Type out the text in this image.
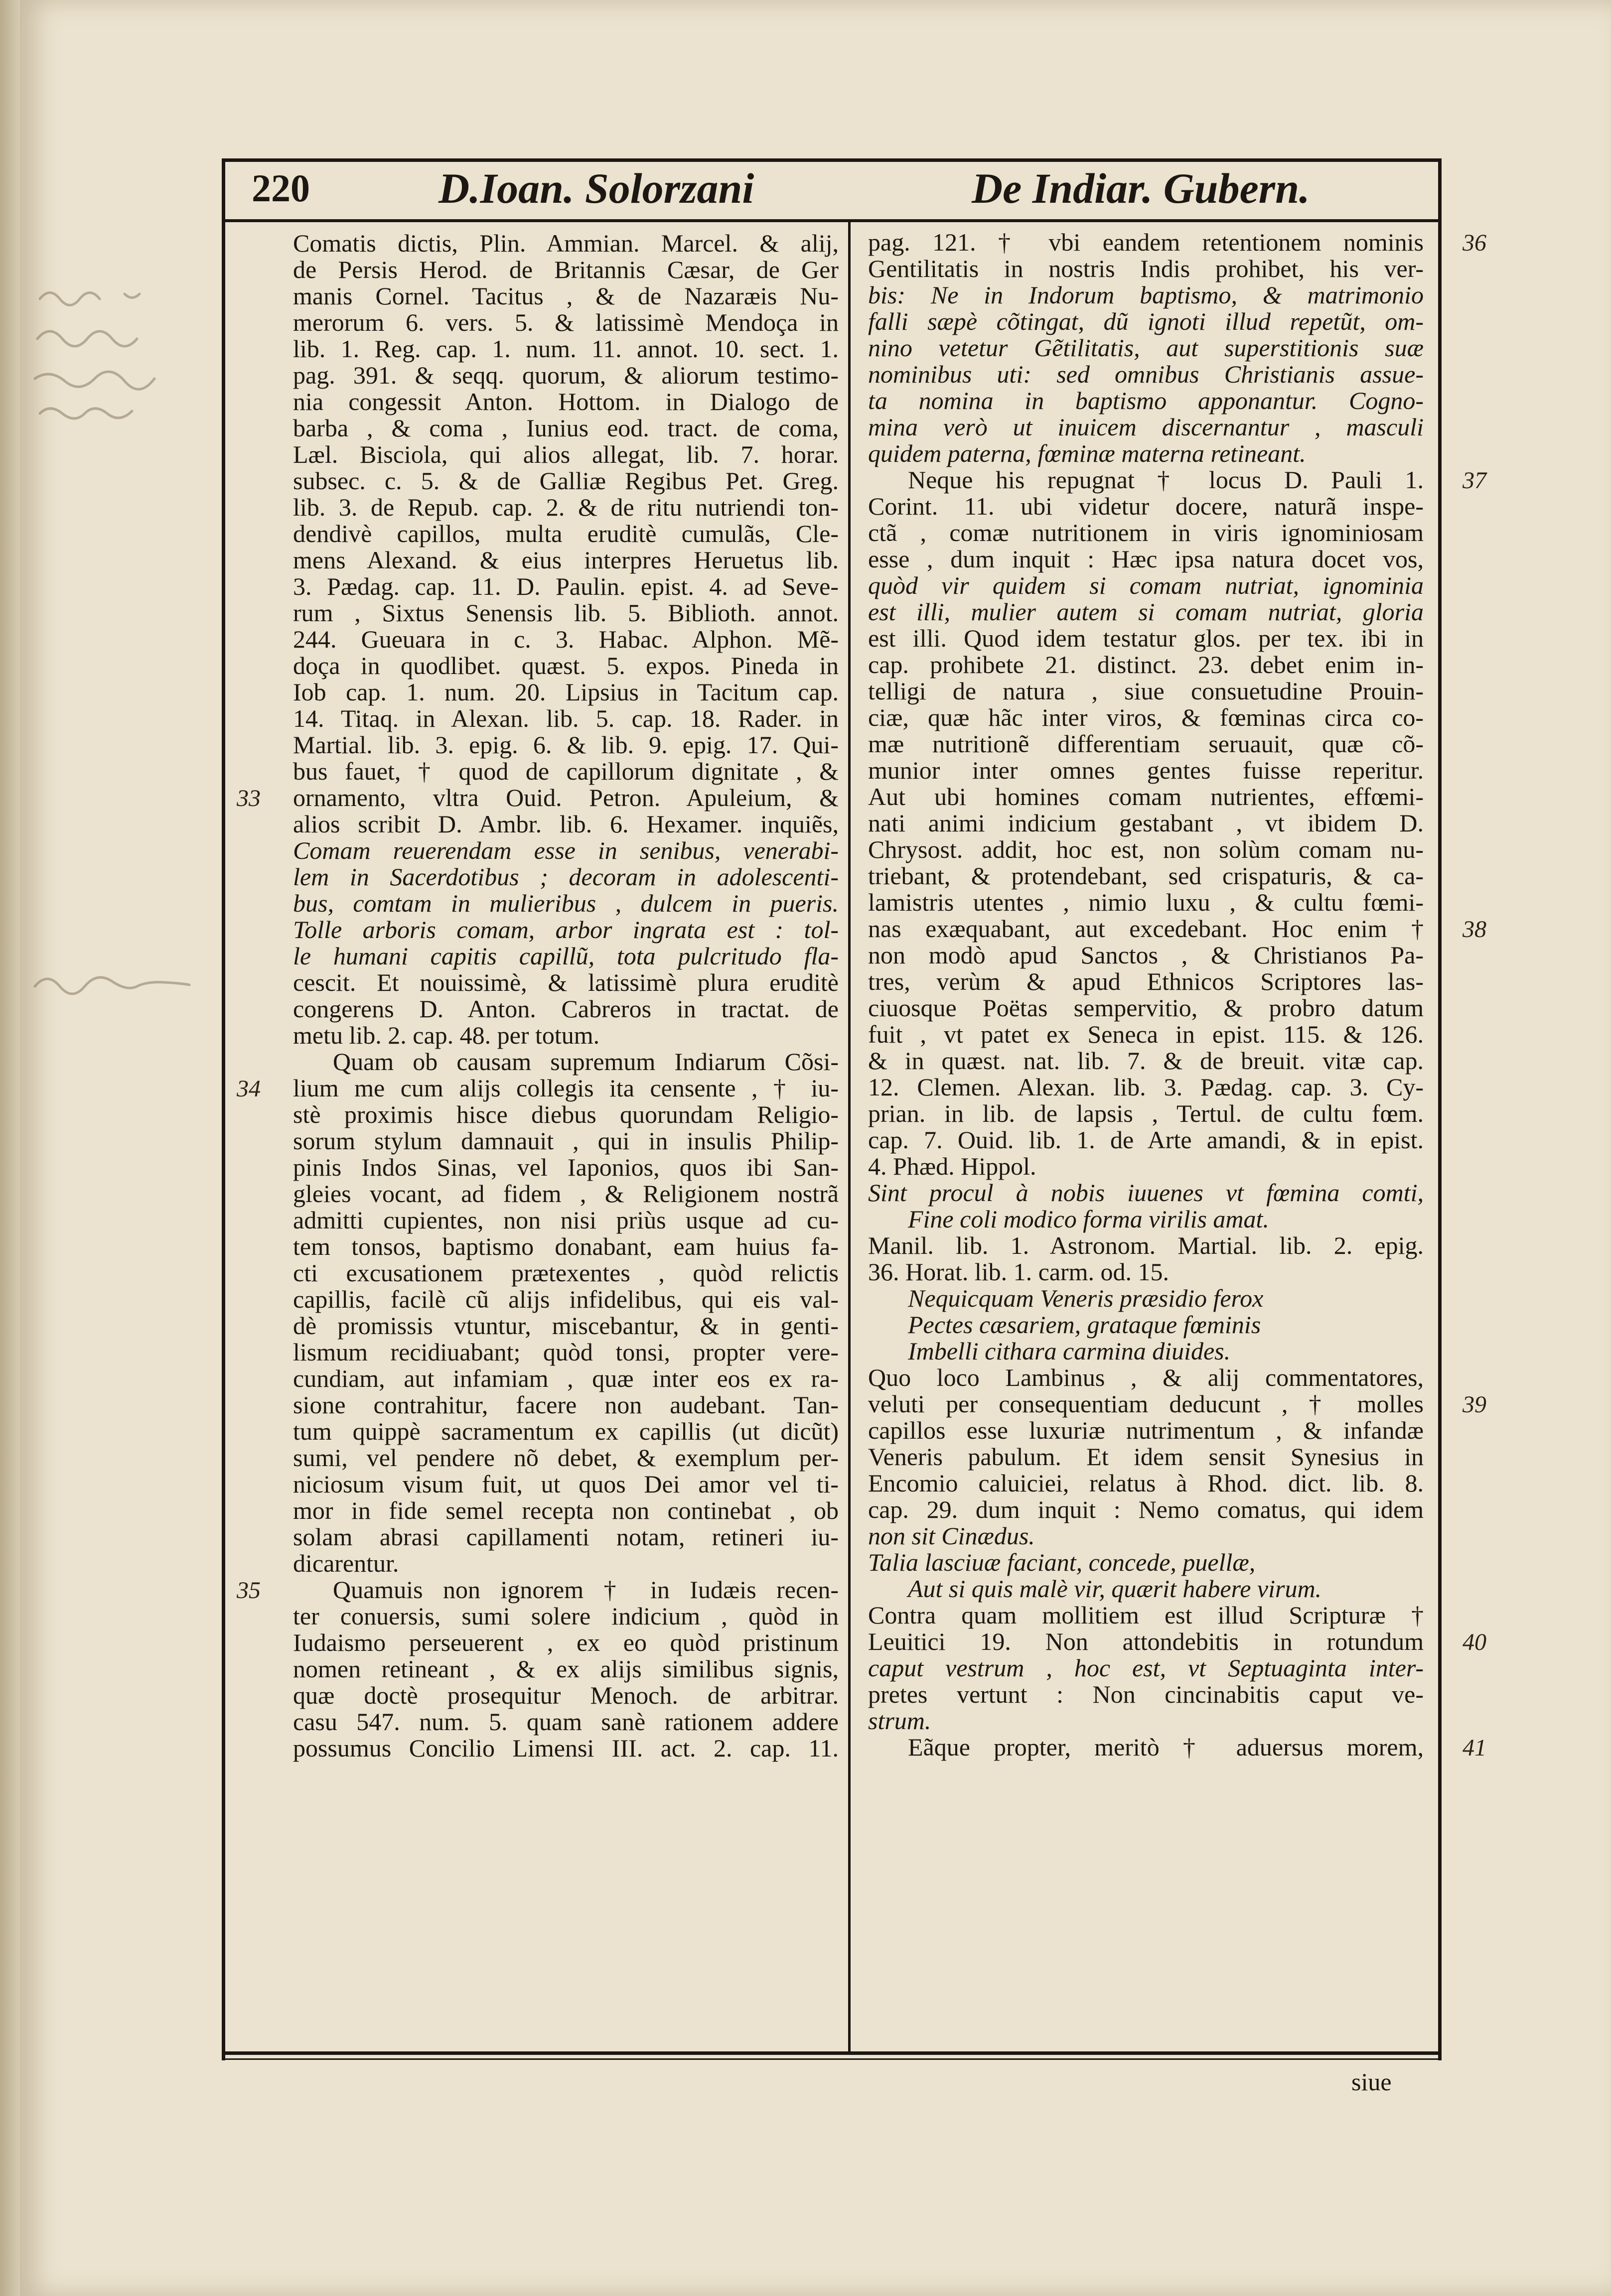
220	D.Ioan. Solorzani	De Indiar. Gubern.
Comatis dictis, Plin. Ammian. Marcel. & alij,
de Persis Herod. de Britannis Cæsar, de Ger
manis Cornel. Tacitus , & de Nazaræis Nu-
merorum 6. vers. 5. & latissimè Mendoça in
lib. 1. Reg. cap. 1. num. 11. annot. 10. sect. 1.
pag. 391. & seqq. quorum, & aliorum testimo-
nia congessit Anton. Hottom. in Dialogo de
barba , & coma , Iunius eod. tract. de coma,
Læl. Bisciola, qui alios allegat, lib. 7. horar.
subsec. c. 5. & de Galliæ Regibus Pet. Greg.
lib. 3. de Repub. cap. 2. & de ritu nutriendi ton-
dendivè capillos, multa eruditè cumulãs, Cle-
mens Alexand. & eius interpres Heruetus lib.
3. Pædag. cap. 11. D. Paulin. epist. 4. ad Seve-
rum , Sixtus Senensis lib. 5. Biblioth. annot.
244. Gueuara in c. 3. Habac. Alphon. Mẽ-
doça in quodlibet. quæst. 5. expos. Pineda in
Iob cap. 1. num. 20. Lipsius in Tacitum cap.
14. Titaq. in Alexan. lib. 5. cap. 18. Rader. in
Martial. lib. 3. epig. 6. & lib. 9. epig. 17. Qui-
bus fauet, † quod de capillorum dignitate , &
ornamento, vltra Ouid. Petron. Apuleium, &
alios scribit D. Ambr. lib. 6. Hexamer. inquiẽs,
Comam reuerendam esse in senibus, venerabi-
lem in Sacerdotibus ; decoram in adolescenti-
bus, comtam in mulieribus , dulcem in pueris.
Tolle arboris comam, arbor ingrata est : tol-
le humani capitis capillũ, tota pulcritudo fla-
cescit. Et nouissimè, & latissimè plura eruditè
congerens D. Anton. Cabreros in tractat. de
metu lib. 2. cap. 48. per totum.
Quam ob causam supremum Indiarum Cõsi-
lium me cum alijs collegis ita censente , † iu-
stè proximis hisce diebus quorundam Religio-
sorum stylum damnauit , qui in insulis Philip-
pinis Indos Sinas, vel Iaponios, quos ibi San-
gleies vocant, ad fidem , & Religionem nostrã
admitti cupientes, non nisi priùs usque ad cu-
tem tonsos, baptismo donabant, eam huius fa-
cti excusationem prætexentes , quòd relictis
capillis, facilè cũ alijs infidelibus, qui eis val-
dè promissis vtuntur, miscebantur, & in genti-
lismum recidiuabant; quòd tonsi, propter vere-
cundiam, aut infamiam , quæ inter eos ex ra-
sione contrahitur, facere non audebant. Tan-
tum quippè sacramentum ex capillis (ut dicũt)
sumi, vel pendere nõ debet, & exemplum per-
niciosum visum fuit, ut quos Dei amor vel ti-
mor in fide semel recepta non continebat , ob
solam abrasi capillamenti notam, retineri iu-
dicarentur.
Quamuis non ignorem † in Iudæis recen-
ter conuersis, sumi solere indicium , quòd in
Iudaismo perseuerent , ex eo quòd pristinum
nomen retineant , & ex alijs similibus signis,
quæ doctè prosequitur Menoch. de arbitrar.
casu 547. num. 5. quam sanè rationem addere
possumus Concilio Limensi III. act. 2. cap. 11.
pag. 121. † vbi eandem retentionem nominis
Gentilitatis in nostris Indis prohibet, his ver-
bis: Ne in Indorum baptismo, & matrimonio
falli sæpè cõtingat, dũ ignoti illud repetũt, om-
nino vetetur Gẽtilitatis, aut superstitionis suæ
nominibus uti: sed omnibus Christianis assue-
ta nomina in baptismo apponantur. Cogno-
mina verò ut inuicem discernantur , masculi
quidem paterna, fœminæ materna retineant.
Neque his repugnat † locus D. Pauli 1.
Corint. 11. ubi videtur docere, naturã inspe-
ctã , comæ nutritionem in viris ignominiosam
esse , dum inquit : Hæc ipsa natura docet vos,
quòd vir quidem si comam nutriat, ignominia
est illi, mulier autem si comam nutriat, gloria
est illi. Quod idem testatur glos. per tex. ibi in
cap. prohibete 21. distinct. 23. debet enim in-
telligi de natura , siue consuetudine Prouin-
ciæ, quæ hãc inter viros, & fœminas circa co-
mæ nutritionẽ differentiam seruauit, quæ cõ-
munior inter omnes gentes fuisse reperitur.
Aut ubi homines comam nutrientes, effœmi-
nati animi indicium gestabant , vt ibidem D.
Chrysost. addit, hoc est, non solùm comam nu-
triebant, & protendebant, sed crispaturis, & ca-
lamistris utentes , nimio luxu , & cultu fœmi-
nas exæquabant, aut excedebant. Hoc enim †
non modò apud Sanctos , & Christianos Pa-
tres, verùm & apud Ethnicos Scriptores las-
ciuosque Poëtas sempervitio, & probro datum
fuit , vt patet ex Seneca in epist. 115. & 126.
& in quæst. nat. lib. 7. & de breuit. vitæ cap.
12. Clemen. Alexan. lib. 3. Pædag. cap. 3. Cy-
prian. in lib. de lapsis , Tertul. de cultu fœm.
cap. 7. Ouid. lib. 1. de Arte amandi, & in epist.
4. Phæd. Hippol.
Sint procul à nobis iuuenes vt fœmina comti,
Fine coli modico forma virilis amat.
Manil. lib. 1. Astronom. Martial. lib. 2. epig.
36. Horat. lib. 1. carm. od. 15.
Nequicquam Veneris præsidio ferox
Pectes cæsariem, grataque fœminis
Imbelli cithara carmina diuides.
Quo loco Lambinus , & alij commentatores,
veluti per consequentiam deducunt , † molles
capillos esse luxuriæ nutrimentum , & infandæ
Veneris pabulum. Et idem sensit Synesius in
Encomio caluiciei, relatus à Rhod. dict. lib. 8.
cap. 29. dum inquit : Nemo comatus, qui idem
non sit Cinædus.
Talia lasciuæ faciant, concede, puellæ,
Aut si quis malè vir, quærit habere virum.
Contra quam mollitiem est illud Scripturæ †
Leuitici 19. Non attondebitis in rotundum
caput vestrum , hoc est, vt Septuaginta inter-
pretes vertunt : Non cincinabitis caput ve-
strum.
Eãque propter, meritò † aduersus morem,
33
34
35
36
37
38
39
40
41
siue
